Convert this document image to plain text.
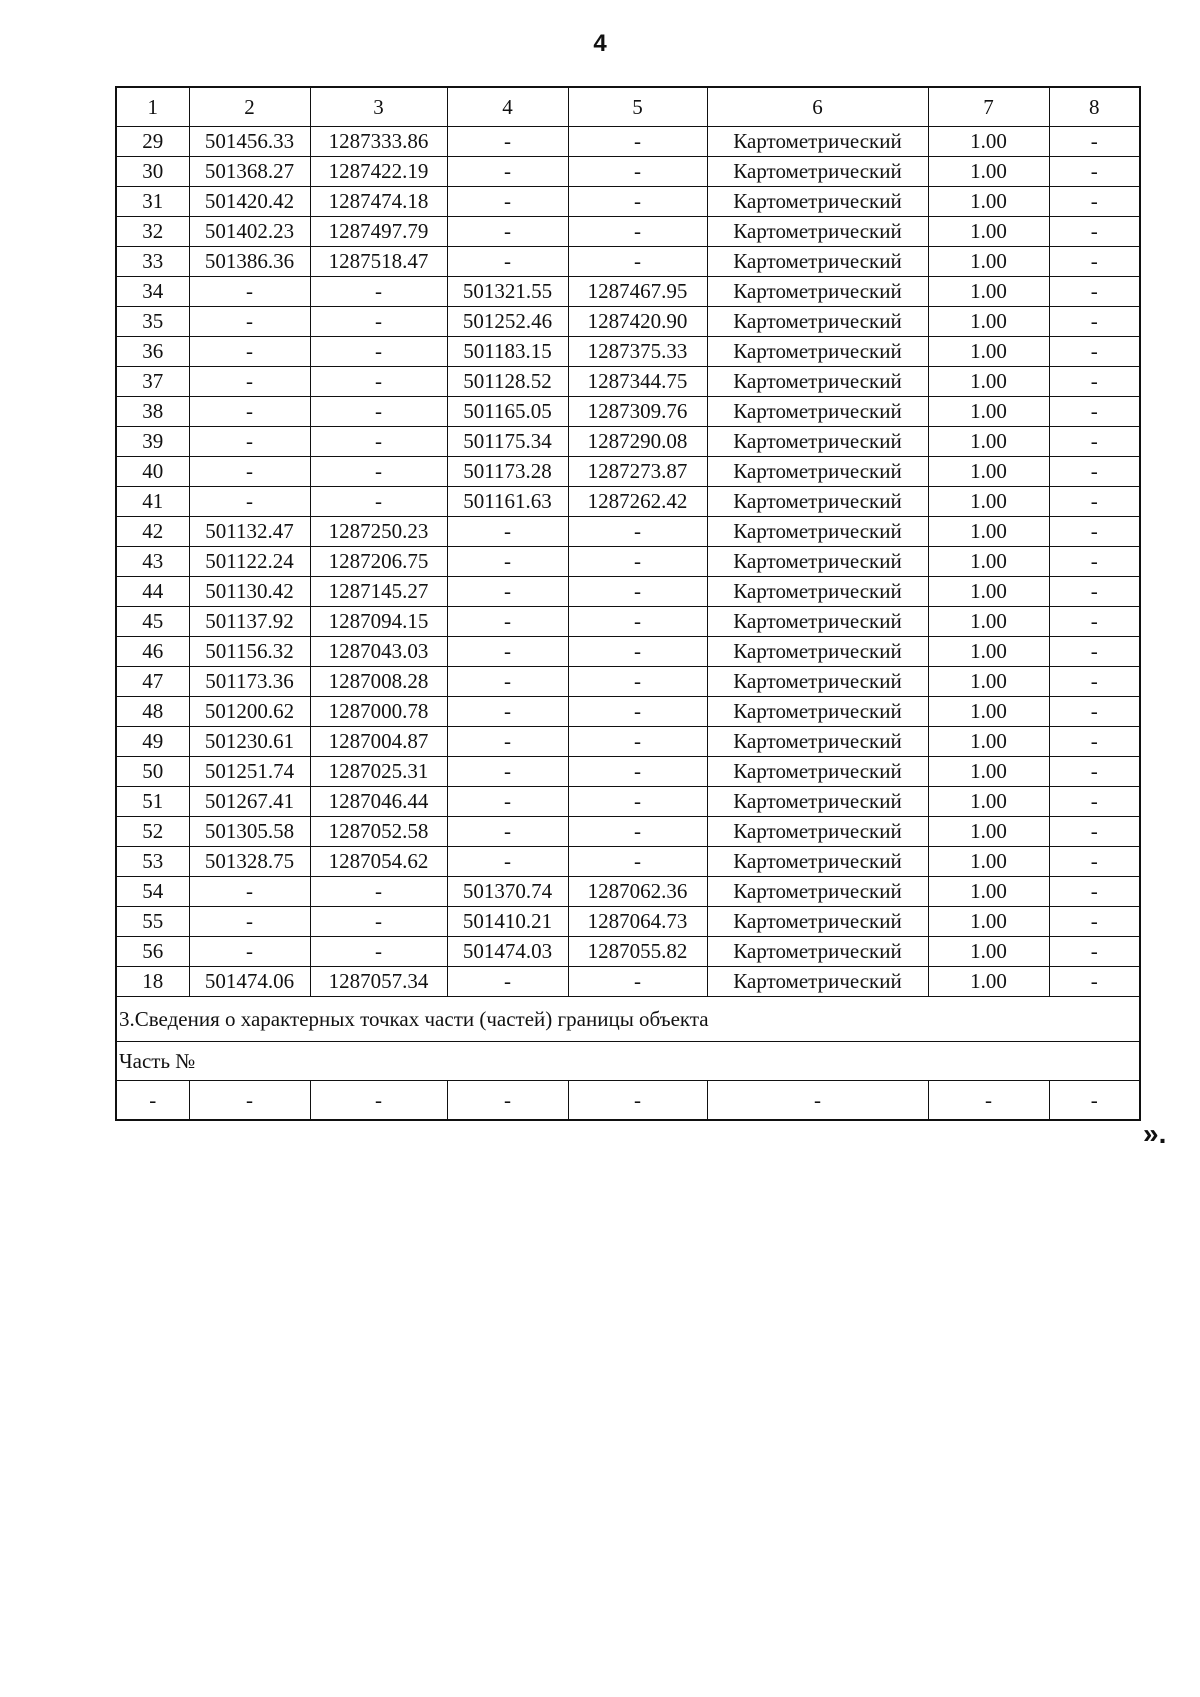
4
1	2	3	4	5	6	7	8
29	501456.33	1287333.86	-	-	Картометрический	1.00	-
30	501368.27	1287422.19	-	-	Картометрический	1.00	-
31	501420.42	1287474.18	-	-	Картометрический	1.00	-
32	501402.23	1287497.79	-	-	Картометрический	1.00	-
33	501386.36	1287518.47	-	-	Картометрический	1.00	-
34	-	-	501321.55	1287467.95	Картометрический	1.00	-
35	-	-	501252.46	1287420.90	Картометрический	1.00	-
36	-	-	501183.15	1287375.33	Картометрический	1.00	-
37	-	-	501128.52	1287344.75	Картометрический	1.00	-
38	-	-	501165.05	1287309.76	Картометрический	1.00	-
39	-	-	501175.34	1287290.08	Картометрический	1.00	-
40	-	-	501173.28	1287273.87	Картометрический	1.00	-
41	-	-	501161.63	1287262.42	Картометрический	1.00	-
42	501132.47	1287250.23	-	-	Картометрический	1.00	-
43	501122.24	1287206.75	-	-	Картометрический	1.00	-
44	501130.42	1287145.27	-	-	Картометрический	1.00	-
45	501137.92	1287094.15	-	-	Картометрический	1.00	-
46	501156.32	1287043.03	-	-	Картометрический	1.00	-
47	501173.36	1287008.28	-	-	Картометрический	1.00	-
48	501200.62	1287000.78	-	-	Картометрический	1.00	-
49	501230.61	1287004.87	-	-	Картометрический	1.00	-
50	501251.74	1287025.31	-	-	Картометрический	1.00	-
51	501267.41	1287046.44	-	-	Картометрический	1.00	-
52	501305.58	1287052.58	-	-	Картометрический	1.00	-
53	501328.75	1287054.62	-	-	Картометрический	1.00	-
54	-	-	501370.74	1287062.36	Картометрический	1.00	-
55	-	-	501410.21	1287064.73	Картометрический	1.00	-
56	-	-	501474.03	1287055.82	Картометрический	1.00	-
18	501474.06	1287057.34	-	-	Картометрический	1.00	-
3.Сведения о характерных точках части (частей) границы объекта							
Часть №							
-	-	-	-	-	-	-	-
».
